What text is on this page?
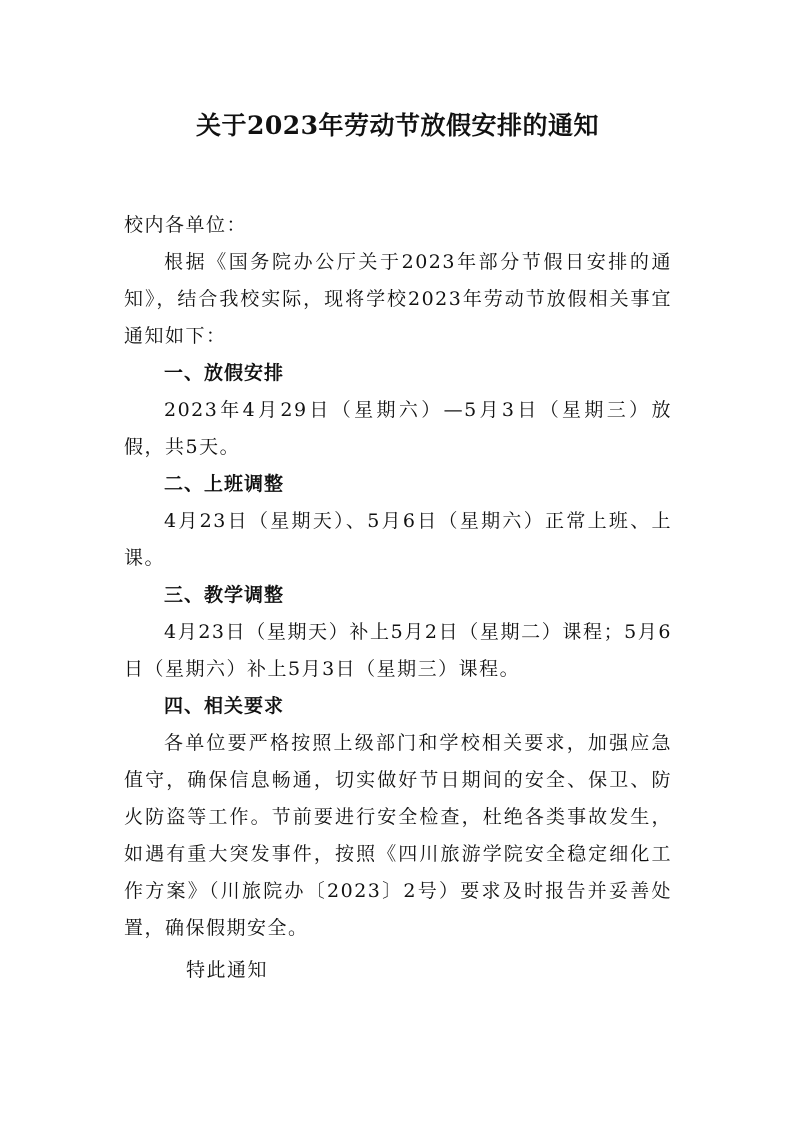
关于2023年劳动节放假安排的通知
校内各单位：
根据《国务院办公厅关于2023年部分节假日安排的通知》，结合我校实际，现将学校2023年劳动节放假相关事宜通知如下：
一、放假安排
2023年4月29日（星期六）—5月3日（星期三）放假，共5天。
二、上班调整
4月23日（星期天）、5月6日（星期六）正常上班、上课。
三、教学调整
4月23日（星期天）补上5月2日（星期二）课程；5月6日（星期六）补上5月3日（星期三）课程。
四、相关要求
各单位要严格按照上级部门和学校相关要求，加强应急值守，确保信息畅通，切实做好节日期间的安全、保卫、防火防盗等工作。节前要进行安全检查，杜绝各类事故发生，如遇有重大突发事件，按照《四川旅游学院安全稳定细化工作方案》（川旅院办〔2023〕2号）要求及时报告并妥善处置，确保假期安全。
特此通知
